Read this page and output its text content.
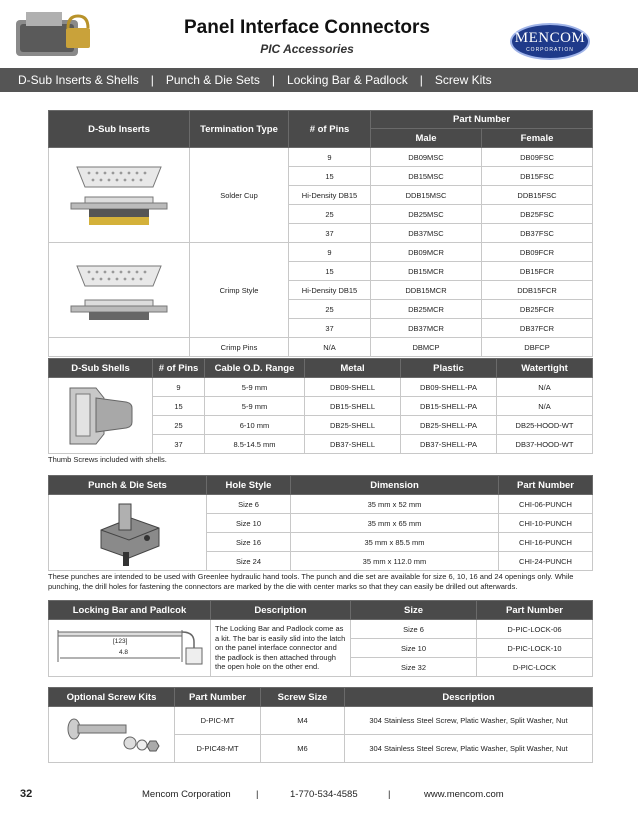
Panel Interface Connectors
PIC Accessories
MENCOM
CORPORATION
D-Sub Inserts & Shells | Punch & Die Sets | Locking Bar & Padlock | Screw Kits
D-Sub Inserts	Termination Type	# of Pins	Part Number	
			Male	Female
	Solder Cup	9	DB09MSC	DB09FSC
		15	DB15MSC	DB15FSC
		Hi-Density DB15	DDB15MSC	DDB15FSC
		25	DB25MSC	DB25FSC
		37	DB37MSC	DB37FSC
	Crimp Style	9	DB09MCR	DB09FCR
		15	DB15MCR	DB15FCR
		Hi-Density DB15	DDB15MCR	DDB15FCR
		25	DB25MCR	DB25FCR
		37	DB37MCR	DB37FCR
	Crimp Pins	N/A	DBMCP	DBFCP
D-Sub Shells	# of Pins	Cable O.D. Range	Metal	Plastic	Watertight
	9	5-9 mm	DB09-SHELL	DB09-SHELL-PA	N/A
	15	5-9 mm	DB15-SHELL	DB15-SHELL-PA	N/A
	25	6-10 mm	DB25-SHELL	DB25-SHELL-PA	DB25-HOOD-WT
	37	8.5-14.5 mm	DB37-SHELL	DB37-SHELL-PA	DB37-HOOD-WT
Thumb Screws included with shells.
Punch & Die Sets	Hole Style	Dimension	Part Number
	Size 6	35 mm x 52 mm	CHI-06-PUNCH
	Size 10	35 mm x 65 mm	CHI-10-PUNCH
	Size 16	35 mm x 85.5 mm	CHI-16-PUNCH
	Size 24	35 mm x 112.0 mm	CHI-24-PUNCH
These punches are intended to be used with Greenlee hydraulic hand tools. The punch and die set are available for size 6, 10, 16 and 24 openings only. While punching, the drill holes for fastening the connectors are marked by the die with center marks so that they can easily be drilled out afterwards.
Locking Bar and Padlcok	Description	Size	Part Number

[123]
4.8	The Locking Bar and Padlock come as a kit. The bar is easily slid into the latch on the panel interface connector and the padlock is then attached through the open hole on the other end.	Size 6	D-PIC-LOCK-06
		Size 10	D-PIC-LOCK-10
		Size 32	D-PIC-LOCK
Optional Screw Kits	Part Number	Screw Size	Description
	D-PIC-MT	M4	304 Stainless Steel Screw, Platic Washer, Split Washer, Nut
	D-PIC48-MT	M6	304 Stainless Steel Screw, Platic Washer, Split Washer, Nut
32	Mencom Corporation	|	1-770-534-4585	|	www.mencom.com
